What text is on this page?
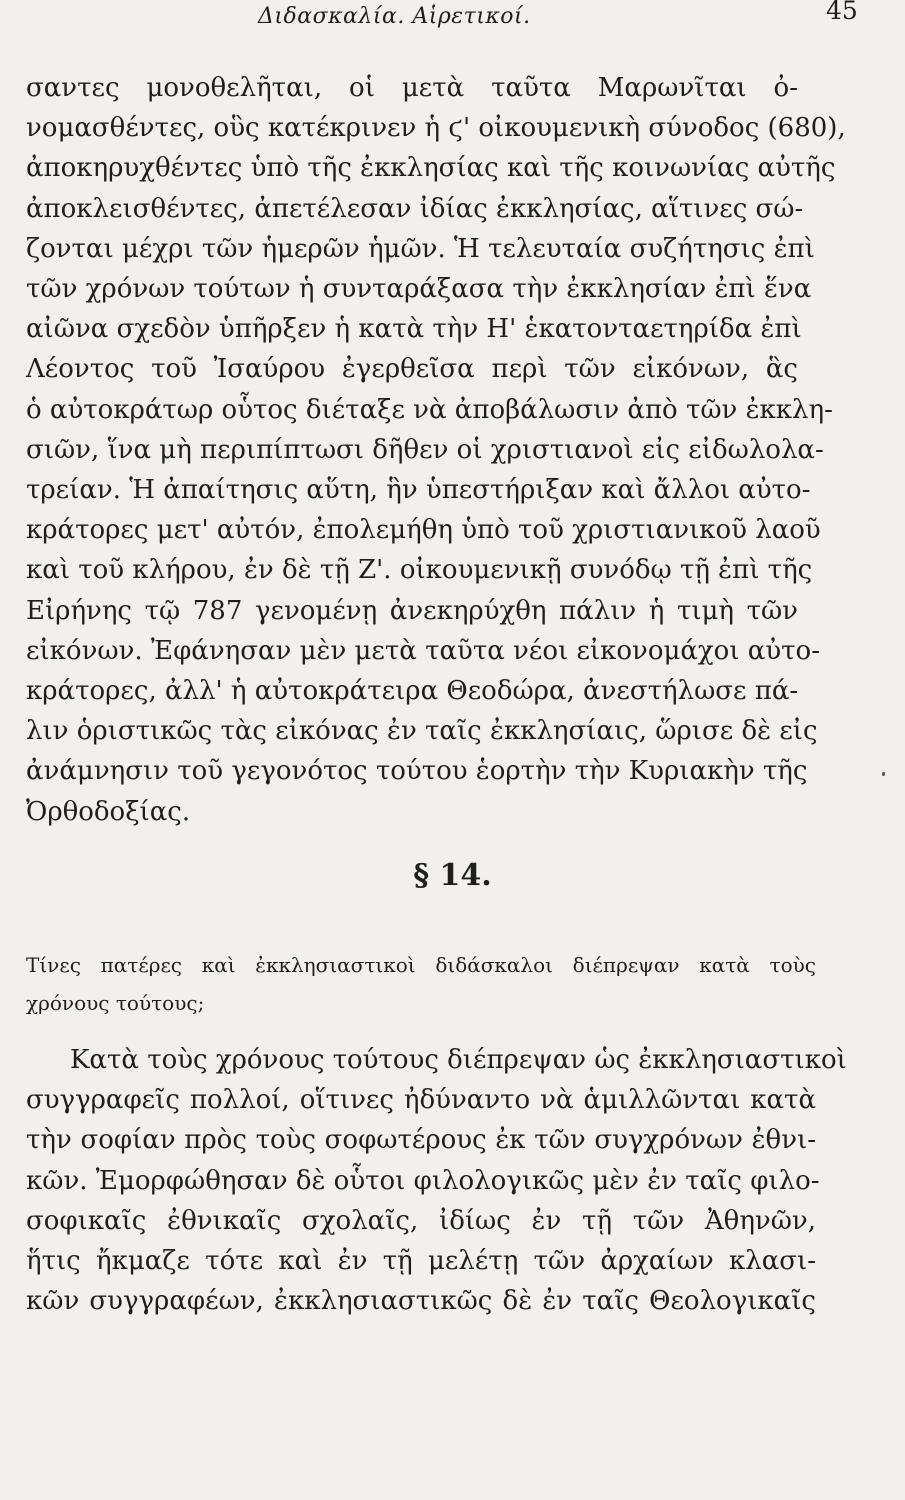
Διδασκαλία. Αἱρετικοί.	45
σαντες μονοθελῆται, οἱ μετὰ ταῦτα Μαρωνῖται ὀ-
νομασθέντες, οὓς κατέκρινεν ἡ ϛ' οἰκουμενικὴ σύνοδος (680),
ἀποκηρυχθέντες ὑπὸ τῆς ἐκκλησίας καὶ τῆς κοινωνίας αὐτῆς
ἀποκλεισθέντες, ἀπετέλεσαν ἰδίας ἐκκλησίας, αἵτινες σώ-
ζονται μέχρι τῶν ἡμερῶν ἡμῶν. Ἡ τελευταία συζήτησις ἐπὶ
τῶν χρόνων τούτων ἡ συνταράξασα τὴν ἐκκλησίαν ἐπὶ ἕνα
αἰῶνα σχεδὸν ὑπῆρξεν ἡ κατὰ τὴν Η' ἑκατονταετηρίδα ἐπὶ
Λέοντος τοῦ Ἰσαύρου ἐγερθεῖσα περὶ τῶν εἰκόνων, ἃς
ὁ αὐτοκράτωρ οὗτος διέταξε νὰ ἀποβάλωσιν ἀπὸ τῶν ἐκκλη-
σιῶν, ἵνα μὴ περιπίπτωσι δῆθεν οἱ χριστιανοὶ εἰς εἰδωλολα-
τρείαν. Ἡ ἀπαίτησις αὕτη, ἣν ὑπεστήριξαν καὶ ἄλλοι αὐτο-
κράτορες μετ' αὐτόν, ἐπολεμήθη ὑπὸ τοῦ χριστιανικοῦ λαοῦ
καὶ τοῦ κλήρου, ἐν δὲ τῇ Ζ'. οἰκουμενικῇ συνόδῳ τῇ ἐπὶ τῆς
Εἰρήνης τῷ 787 γενομένῃ ἀνεκηρύχθη πάλιν ἡ τιμὴ τῶν
εἰκόνων. Ἐφάνησαν μὲν μετὰ ταῦτα νέοι εἰκονομάχοι αὐτο-
κράτορες, ἀλλ' ἡ αὐτοκράτειρα Θεοδώρα, ἀνεστήλωσε πά-
λιν ὁριστικῶς τὰς εἰκόνας ἐν ταῖς ἐκκλησίαις, ὥρισε δὲ εἰς
ἀνάμνησιν τοῦ γεγονότος τούτου ἑορτὴν τὴν Κυριακὴν τῆς
Ὀρθοδοξίας.
§ 14.
Τίνες πατέρες καὶ ἐκκλησιαστικοὶ διδάσκαλοι διέπρεψαν κατὰ τοὺς
χρόνους τούτους;
Κατὰ τοὺς χρόνους τούτους διέπρεψαν ὡς ἐκκλησιαστικοὶ
συγγραφεῖς πολλοί, οἵτινες ἠδύναντο νὰ ἁμιλλῶνται κατὰ
τὴν σοφίαν πρὸς τοὺς σοφωτέρους ἐκ τῶν συγχρόνων ἐθνι-
κῶν. Ἐμορφώθησαν δὲ οὗτοι φιλολογικῶς μὲν ἐν ταῖς φιλο-
σοφικαῖς ἐθνικαῖς σχολαῖς, ἰδίως ἐν τῇ τῶν Ἀθηνῶν,
ἥτις ἤκμαζε τότε καὶ ἐν τῇ μελέτῃ τῶν ἀρχαίων κλασι-
κῶν συγγραφέων, ἐκκλησιαστικῶς δὲ ἐν ταῖς Θεολογικαῖς
